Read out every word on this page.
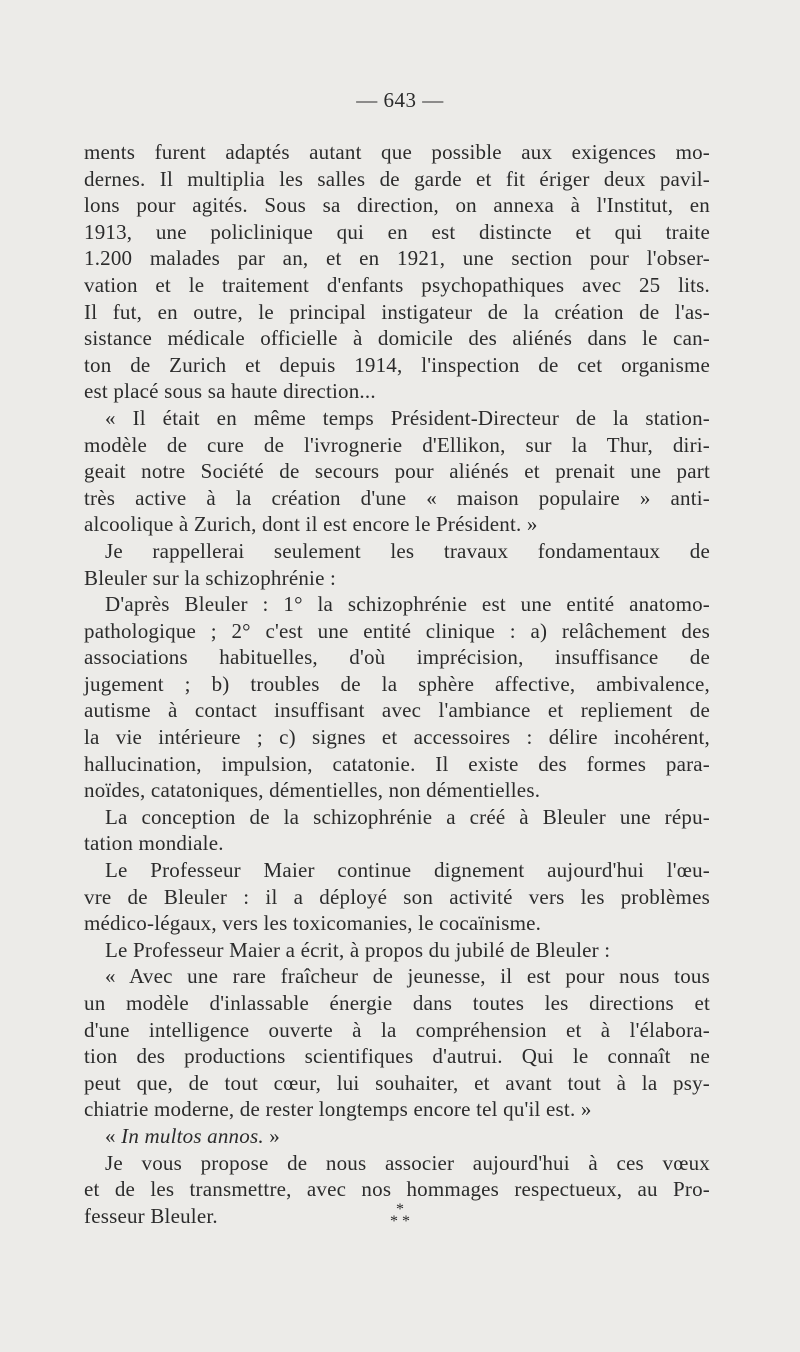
— 643 —
ments furent adaptés autant que possible aux exigences mo-
dernes. Il multiplia les salles de garde et fit ériger deux pavil-
lons pour agités. Sous sa direction, on annexa à l'Institut, en
1913, une policlinique qui en est distincte et qui traite
1.200 malades par an, et en 1921, une section pour l'obser-
vation et le traitement d'enfants psychopathiques avec 25 lits.
Il fut, en outre, le principal instigateur de la création de l'as-
sistance médicale officielle à domicile des aliénés dans le can-
ton de Zurich et depuis 1914, l'inspection de cet organisme
est placé sous sa haute direction...
« Il était en même temps Président-Directeur de la station-
modèle de cure de l'ivrognerie d'Ellikon, sur la Thur, diri-
geait notre Société de secours pour aliénés et prenait une part
très active à la création d'une « maison populaire » anti-
alcoolique à Zurich, dont il est encore le Président. »
Je rappellerai seulement les travaux fondamentaux de
Bleuler sur la schizophrénie :
D'après Bleuler : 1° la schizophrénie est une entité anatomo-
pathologique ; 2° c'est une entité clinique : a) relâchement des
associations habituelles, d'où imprécision, insuffisance de
jugement ; b) troubles de la sphère affective, ambivalence,
autisme à contact insuffisant avec l'ambiance et repliement de
la vie intérieure ; c) signes et accessoires : délire incohérent,
hallucination, impulsion, catatonie. Il existe des formes para-
noïdes, catatoniques, démentielles, non démentielles.
La conception de la schizophrénie a créé à Bleuler une répu-
tation mondiale.
Le Professeur Maier continue dignement aujourd'hui l'œu-
vre de Bleuler : il a déployé son activité vers les problèmes
médico-légaux, vers les toxicomanies, le cocaïnisme.
Le Professeur Maier a écrit, à propos du jubilé de Bleuler :
« Avec une rare fraîcheur de jeunesse, il est pour nous tous
un modèle d'inlassable énergie dans toutes les directions et
d'une intelligence ouverte à la compréhension et à l'élabora-
tion des productions scientifiques d'autrui. Qui le connaît ne
peut que, de tout cœur, lui souhaiter, et avant tout à la psy-
chiatrie moderne, de rester longtemps encore tel qu'il est. »
« In multos annos. »
Je vous propose de nous associer aujourd'hui à ces vœux
et de les transmettre, avec nos hommages respectueux, au Pro-
fesseur Bleuler.	*
* *
